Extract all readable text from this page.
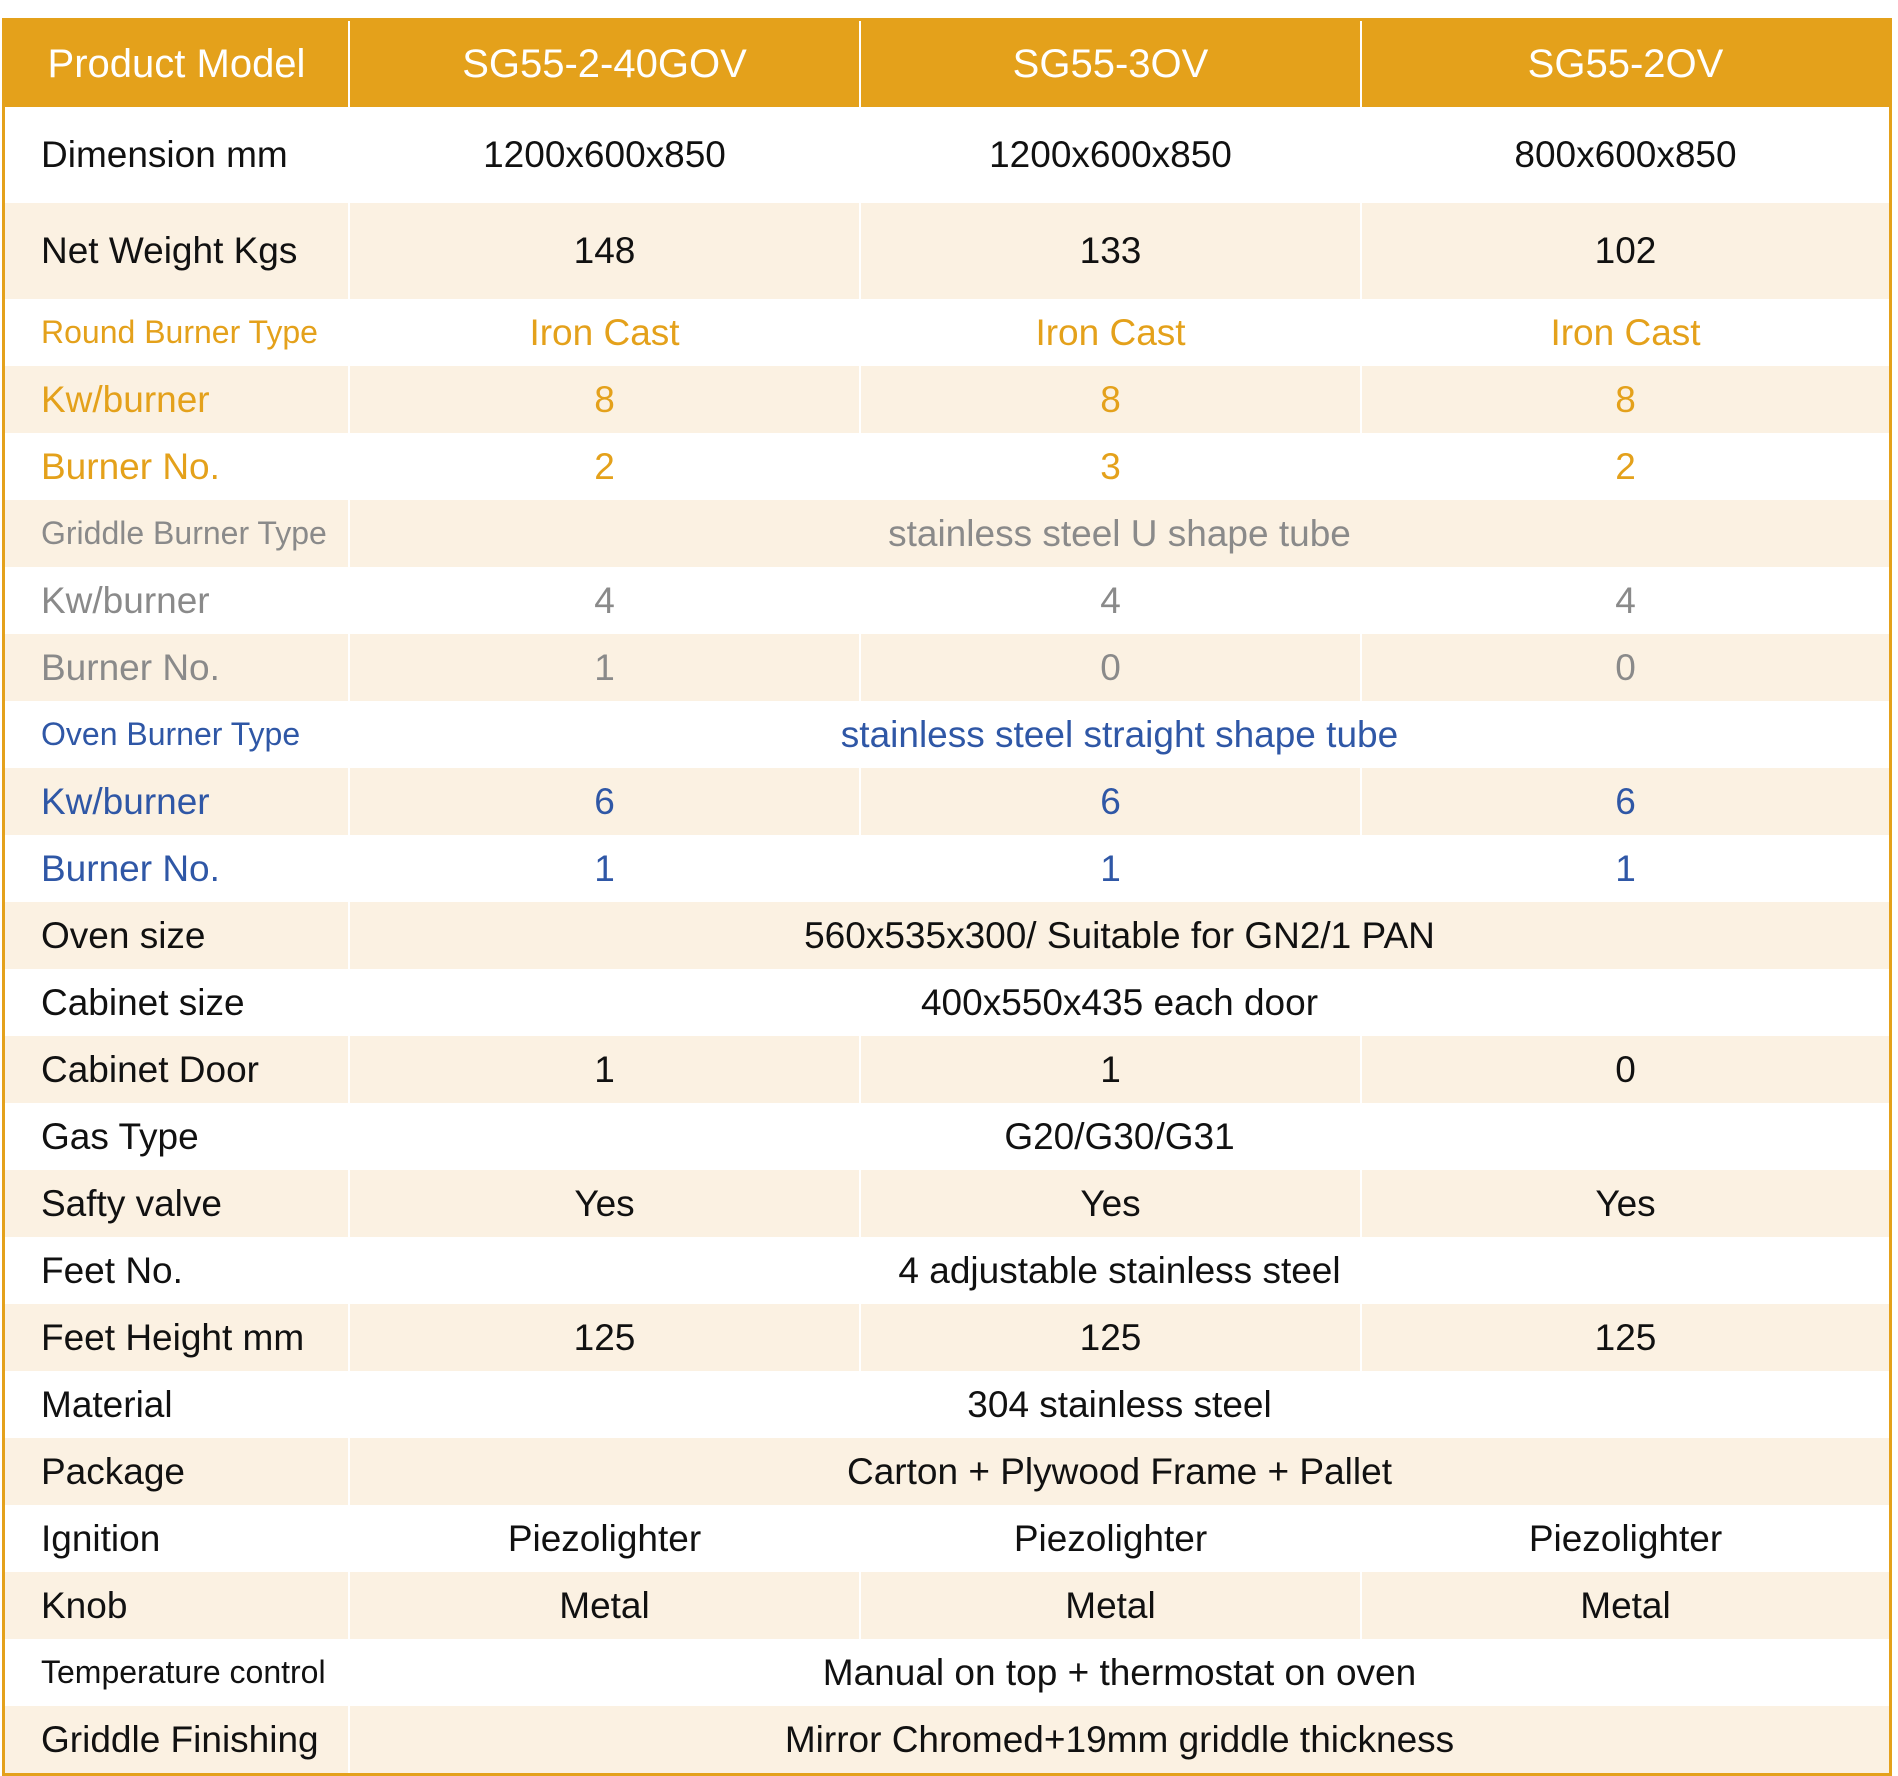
Product Model	SG55-2-40GOV	SG55-3OV	SG55-2OV
Dimension mm	1200x600x850	1200x600x850	800x600x850
Net Weight Kgs	148	133	102
Round Burner Type	Iron Cast	Iron Cast	Iron Cast
Kw/burner	8	8	8
Burner No.	2	3	2
Griddle Burner Type	stainless steel U shape tube		
Kw/burner	4	4	4
Burner No.	1	0	0
Oven Burner Type	stainless steel straight shape tube		
Kw/burner	6	6	6
Burner No.	1	1	1
Oven size	560x535x300/ Suitable for GN2/1 PAN		
Cabinet size	400x550x435 each door		
Cabinet Door	1	1	0
Gas Type	G20/G30/G31		
Safty valve	Yes	Yes	Yes
Feet No.	4 adjustable stainless steel		
Feet Height mm	125	125	125
Material	304 stainless steel		
Package	Carton + Plywood Frame + Pallet		
Ignition	Piezolighter	Piezolighter	Piezolighter
Knob	Metal	Metal	Metal
Temperature control	Manual on top + thermostat on oven		
Griddle Finishing	Mirror Chromed+19mm griddle thickness		
